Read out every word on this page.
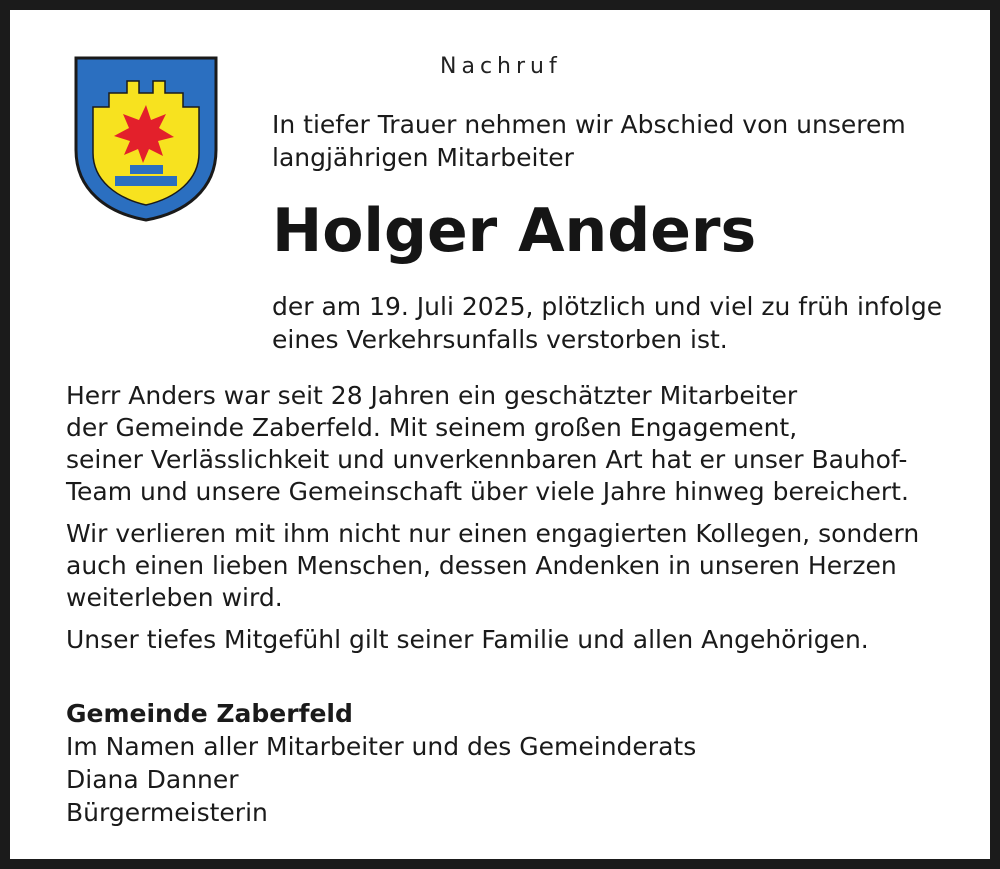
Nachruf
In tiefer Trauer nehmen wir Abschied von unserem
langjährigen Mitarbeiter
Holger Anders
der am 19. Juli 2025, plötzlich und viel zu früh infolge
eines Verkehrsunfalls verstorben ist.

Herr Anders war seit 28 Jahren ein geschätzter Mitarbeiter
der Gemeinde Zaberfeld. Mit seinem großen Engagement,
seiner Verlässlichkeit und unverkennbaren Art hat er unser Bauhof-
Team und unsere Gemeinschaft über viele Jahre hinweg bereichert.

Wir verlieren mit ihm nicht nur einen engagierten Kollegen, sondern
auch einen lieben Menschen, dessen Andenken in unseren Herzen
weiterleben wird.

Unser tiefes Mitgefühl gilt seiner Familie und allen Angehörigen.

Gemeinde Zaberfeld
Im Namen aller Mitarbeiter und des Gemeinderats
Diana Danner
Bürgermeisterin
